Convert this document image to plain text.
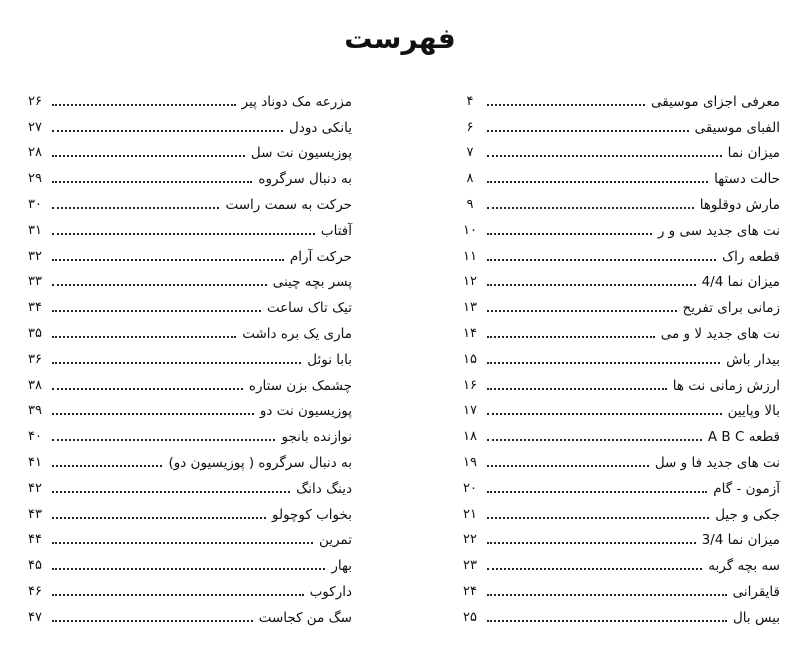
فهرست
معرفی اجزای موسیقی
۴
الفبای موسیقی
۶
میزان نما
۷
حالت دستها
۸
مارش دوقلوها
۹
نت های جدید سی و ر
۱۰
قطعه راک
۱۱
میزان نما 4/4
۱۲
زمانی برای تفریح
۱۳
نت های جدید لا و می
۱۴
بیدار باش
۱۵
ارزش زمانی نت ها
۱۶
بالا وپایین
۱۷
قطعه A B C
۱۸
نت های جدید فا و سل
۱۹
آزمون - گام
۲۰
جکی و جیل
۲۱
میزان نما 3/4
۲۲
سه بچه گربه
۲۳
قایقرانی
۲۴
بیس بال
۲۵
مزرعه مک دوناد پیر
۲۶
یانکی دودل
۲۷
پوزیسیون نت سل
۲۸
به دنبال سرگروه
۲۹
حرکت به سمت راست
۳۰
آفتاب
۳۱
حرکت آرام
۳۲
پسر بچه چینی
۳۳
تیک تاک ساعت
۳۴
ماری یک بره داشت
۳۵
بابا نوئل
۳۶
چشمک بزن ستاره
۳۸
پوزیسیون نت دو
۳۹
نوازنده بانجو
۴۰
به دنبال سرگروه ( پوزیسیون دو)
۴۱
دینگ دانگ
۴۲
بخواب کوچولو
۴۳
تمرین
۴۴
بهار
۴۵
دارکوب
۴۶
سگ من کجاست
۴۷
